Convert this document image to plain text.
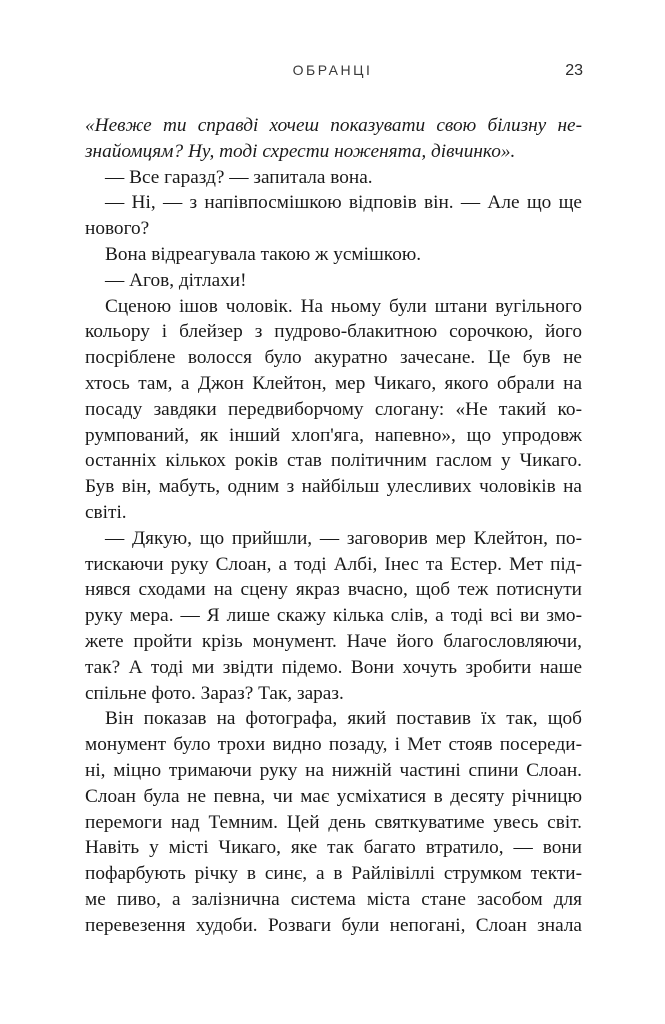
ОБРАНЦІ	23
«Невже ти справді хочеш показувати свою білизну не-
знайомцям? Ну, тоді схрести ноженята, дівчинко».
— Все гаразд? — запитала вона.
— Ні, — з напівпосмішкою відповів він. — Але що ще
нового?
Вона відреагувала такою ж усмішкою.
— Агов, дітлахи!
Сценою ішов чоловік. На ньому були штани вугільного
кольору і блейзер з пудрово-блакитною сорочкою, його
посріблене волосся було акуратно зачесане. Це був не
хтось там, а Джон Клейтон, мер Чикаго, якого обрали на
посаду завдяки передвиборчому слогану: «Не такий ко-
румпований, як інший хлоп'яга, напевно», що упродовж
останніх кількох років став політичним гаслом у Чикаго.
Був він, мабуть, одним з найбільш улесливих чоловіків на
світі.
— Дякую, що прийшли, — заговорив мер Клейтон, по-
тискаючи руку Слоан, а тоді Албі, Інес та Естер. Мет під-
нявся сходами на сцену якраз вчасно, щоб теж потиснути
руку мера. — Я лише скажу кілька слів, а тоді всі ви змо-
жете пройти крізь монумент. Наче його благословляючи,
так? А тоді ми звідти підемо. Вони хочуть зробити наше
спільне фото. Зараз? Так, зараз.
Він показав на фотографа, який поставив їх так, щоб
монумент було трохи видно позаду, і Мет стояв посереди-
ні, міцно тримаючи руку на нижній частині спини Слоан.
Слоан була не певна, чи має усміхатися в десяту річницю
перемоги над Темним. Цей день святкуватиме увесь світ.
Навіть у місті Чикаго, яке так багато втратило, — вони
пофарбують річку в синє, а в Райлівіллі струмком текти-
ме пиво, а залізнична система міста стане засобом для
перевезення худоби. Розваги були непогані, Слоан знала
